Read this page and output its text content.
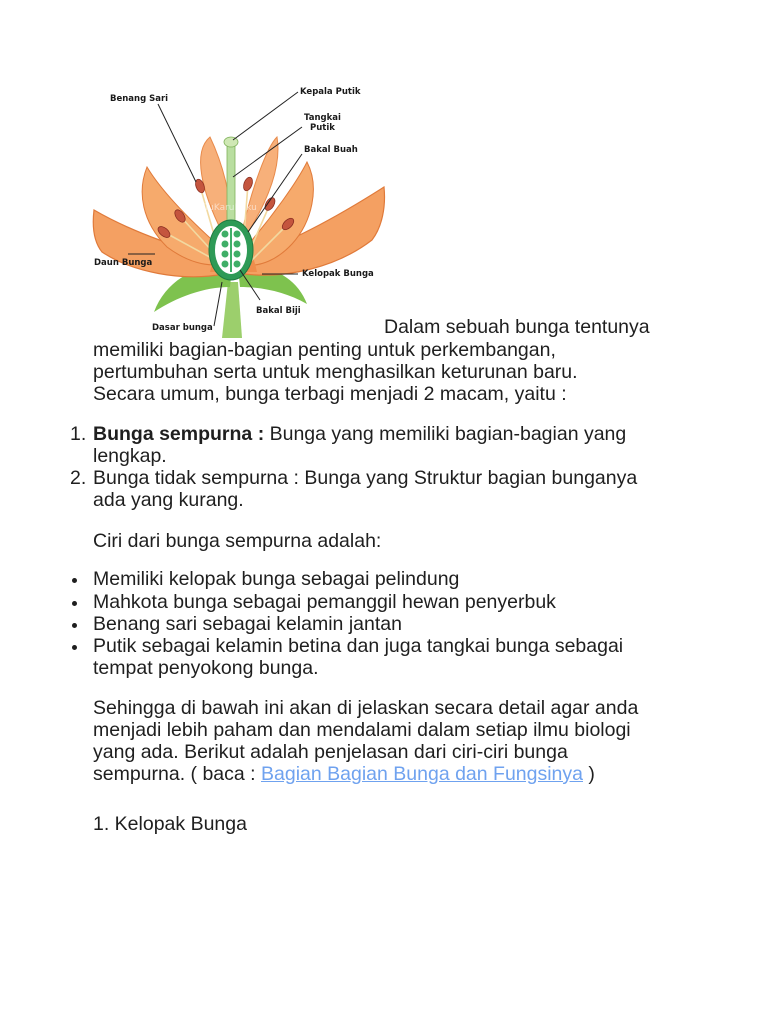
TuKaruBaku
Benang Sari
Kepala Putik
Tangkai
Putik
Bakal Buah
Daun Bunga
Kelopak Bunga
Bakal Biji
Dasar bunga	Dalam sebuah bunga tentunya
memiliki bagian-bagian penting untuk perkembangan,
pertumbuhan serta untuk menghasilkan keturunan baru.
Secara umum, bunga terbagi menjadi 2 macam, yaitu :
1. Bunga sempurna : Bunga yang memiliki bagian-bagian yang
lengkap.
2. Bunga tidak sempurna : Bunga yang Struktur bagian bunganya
ada yang kurang.
Ciri dari bunga sempurna adalah:
Memiliki kelopak bunga sebagai pelindung
Mahkota bunga sebagai pemanggil hewan penyerbuk
Benang sari sebagai kelamin jantan
Putik sebagai kelamin betina dan juga tangkai bunga sebagai
tempat penyokong bunga.
Sehingga di bawah ini akan di jelaskan secara detail agar anda
menjadi lebih paham dan mendalami dalam setiap ilmu biologi
yang ada. Berikut adalah penjelasan dari ciri-ciri bunga
sempurna. ( baca : Bagian Bagian Bunga dan Fungsinya )
1. Kelopak Bunga
